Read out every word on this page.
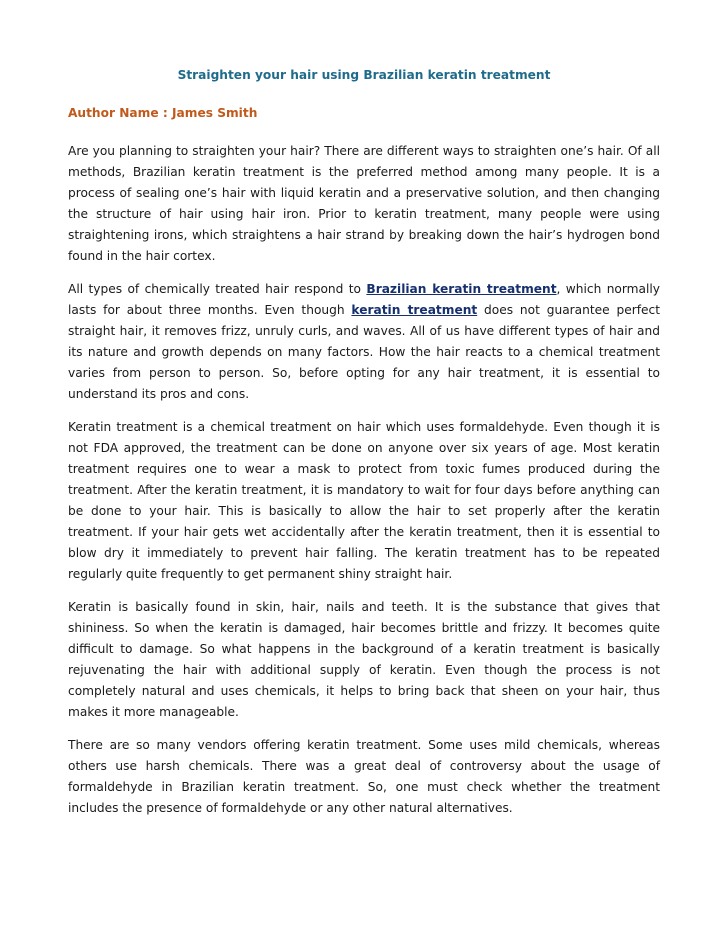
Straighten your hair using Brazilian keratin treatment
Author Name : James Smith

Are you planning to straighten your hair? There are different ways to straighten one’s hair. Of all methods, Brazilian keratin treatment is the preferred method among many people. It is a process of sealing one’s hair with liquid keratin and a preservative solution, and then changing the structure of hair using hair iron. Prior to keratin treatment, many people were using straightening irons, which straightens a hair strand by breaking down the hair’s hydrogen bond found in the hair cortex.

All types of chemically treated hair respond to Brazilian keratin treatment, which normally lasts for about three months. Even though keratin treatment does not guarantee perfect straight hair, it removes frizz, unruly curls, and waves. All of us have different types of hair and its nature and growth depends on many factors. How the hair reacts to a chemical treatment varies from person to person. So, before opting for any hair treatment, it is essential to understand its pros and cons.

Keratin treatment is a chemical treatment on hair which uses formaldehyde. Even though it is not FDA approved, the treatment can be done on anyone over six years of age. Most keratin treatment requires one to wear a mask to protect from toxic fumes produced during the treatment. After the keratin treatment, it is mandatory to wait for four days before anything can be done to your hair. This is basically to allow the hair to set properly after the keratin treatment. If your hair gets wet accidentally after the keratin treatment, then it is essential to blow dry it immediately to prevent hair falling. The keratin treatment has to be repeated regularly quite frequently to get permanent shiny straight hair.

Keratin is basically found in skin, hair, nails and teeth. It is the substance that gives that shininess. So when the keratin is damaged, hair becomes brittle and frizzy. It becomes quite difficult to damage. So what happens in the background of a keratin treatment is basically rejuvenating the hair with additional supply of keratin. Even though the process is not completely natural and uses chemicals, it helps to bring back that sheen on your hair, thus makes it more manageable.

There are so many vendors offering keratin treatment. Some uses mild chemicals, whereas others use harsh chemicals. There was a great deal of controversy about the usage of formaldehyde in Brazilian keratin treatment. So, one must check whether the treatment includes the presence of formaldehyde or any other natural alternatives.
